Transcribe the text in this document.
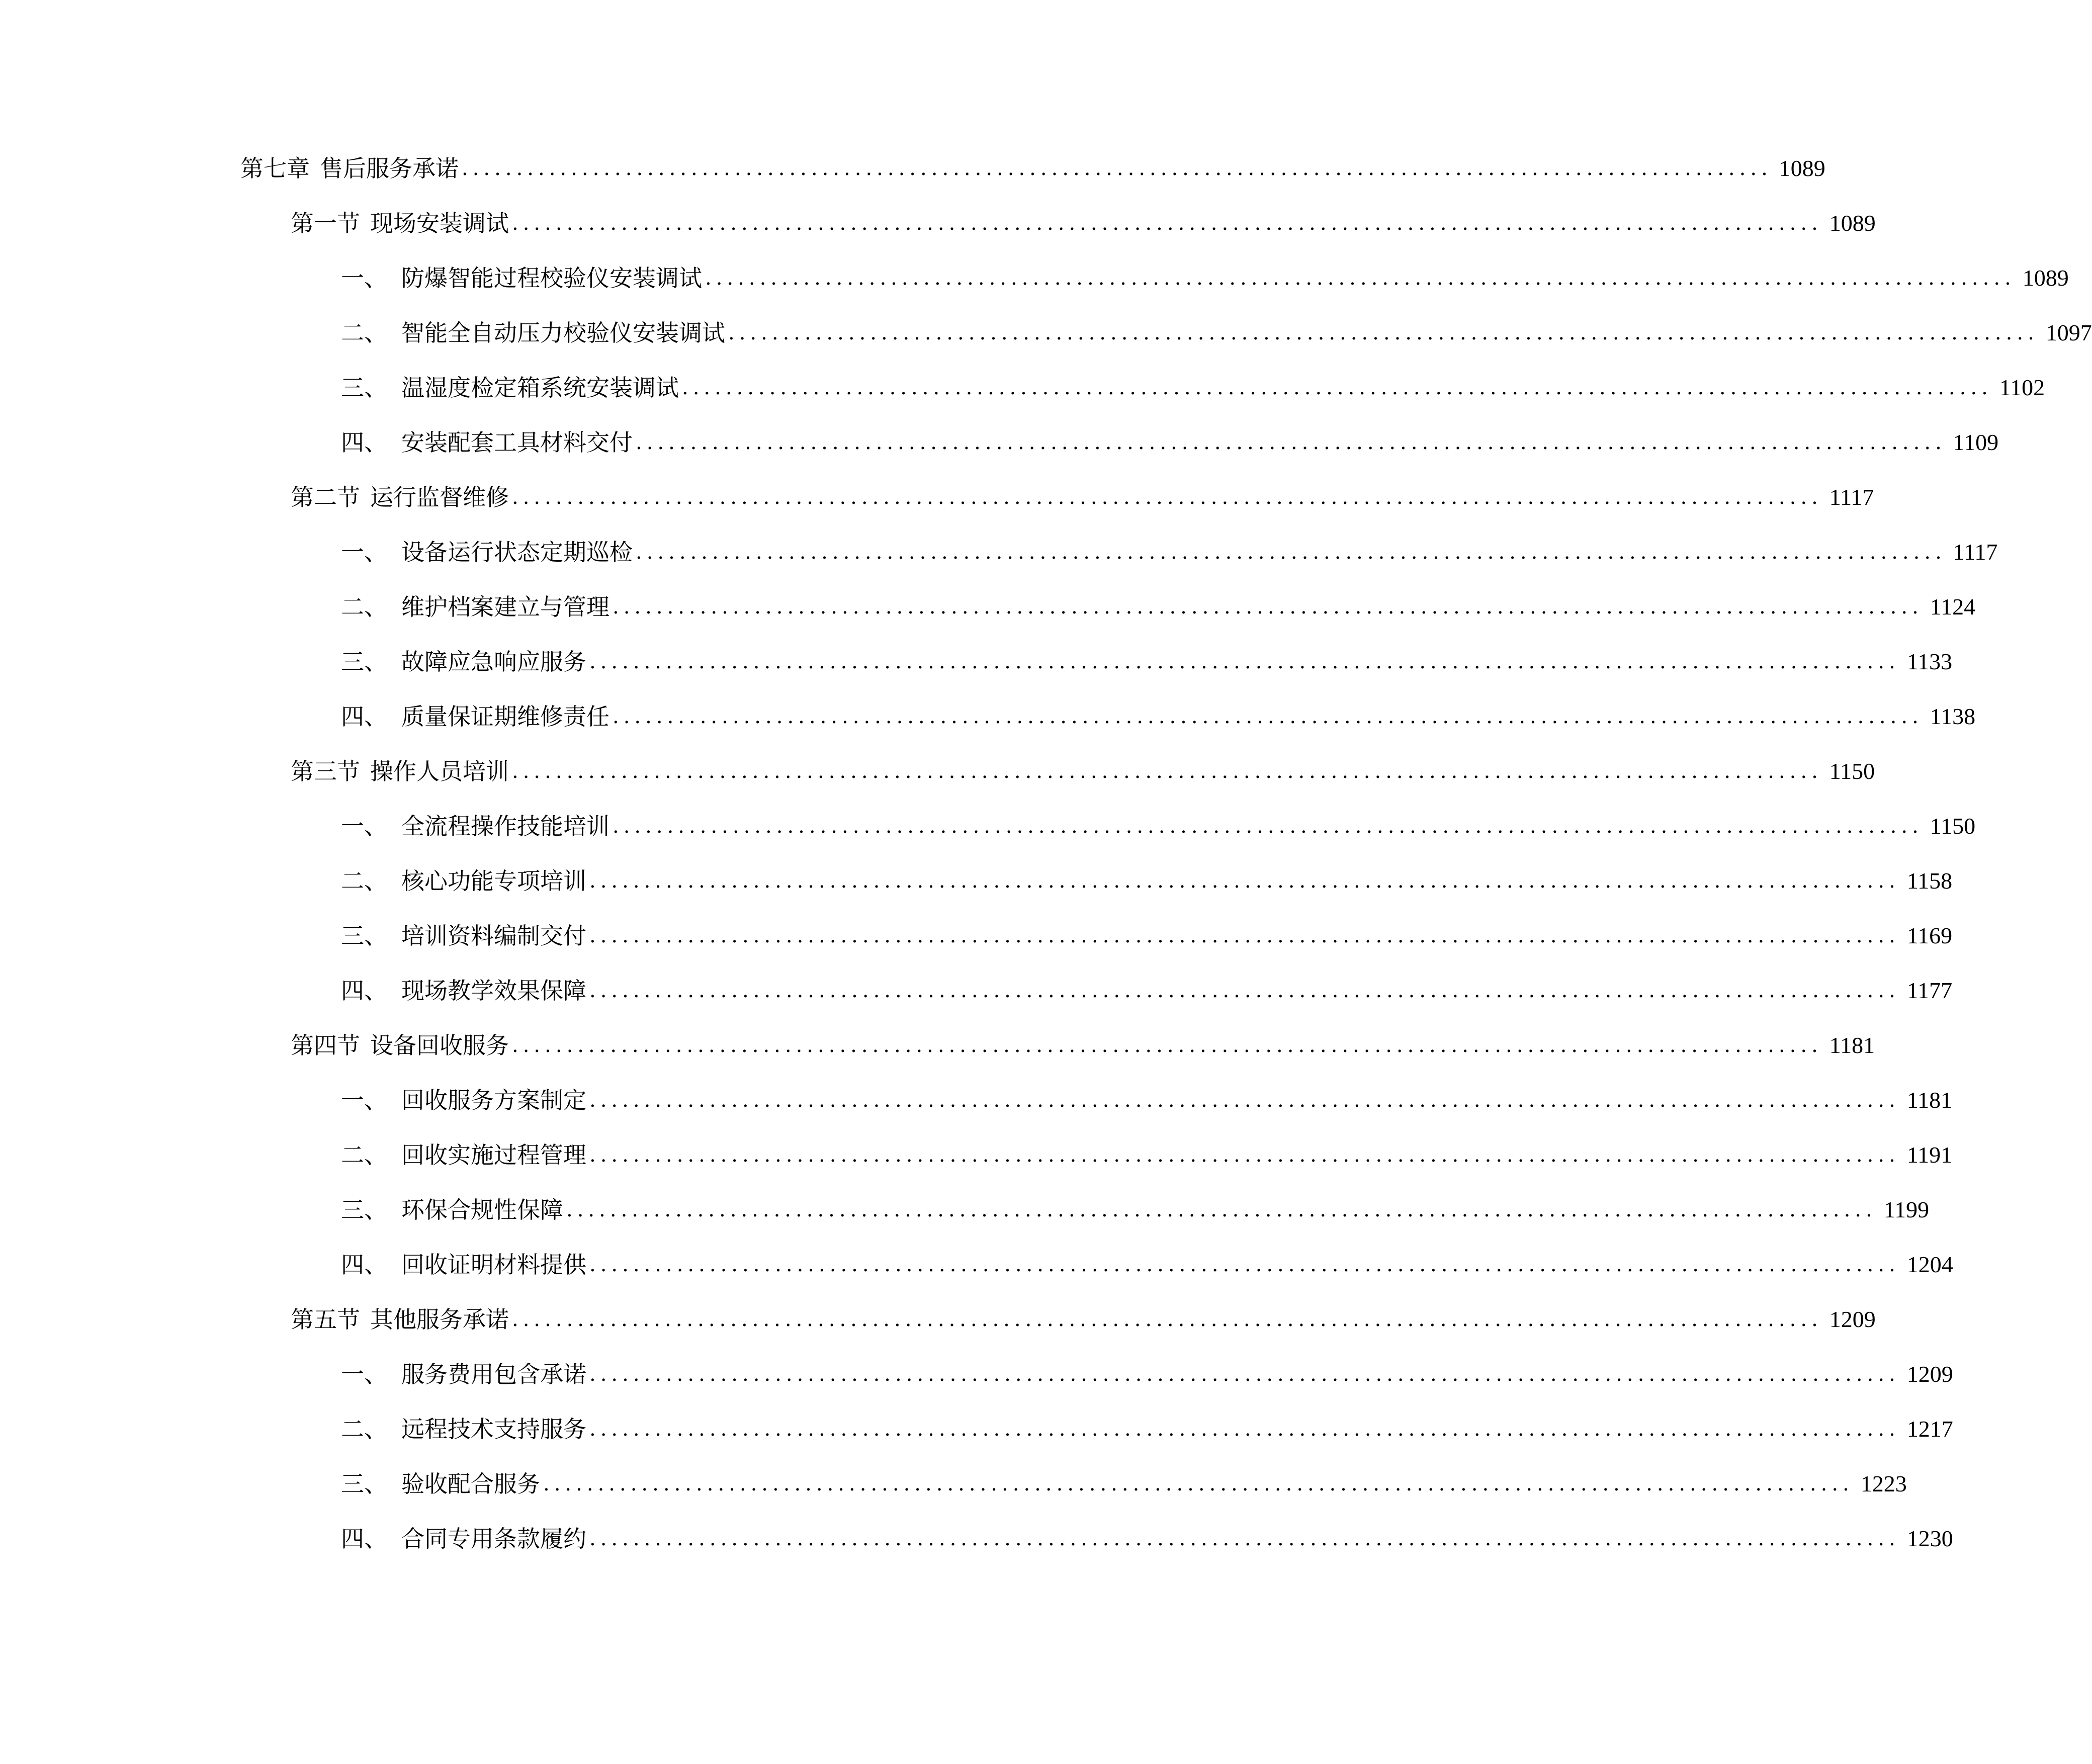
第七章 售后服务承诺 ........................................................................................................................ 1089
第一节 现场安装调试 ........................................................................................................................ 1089
一、 防爆智能过程校验仪安装调试 ........................................................................................................................ 1089
二、 智能全自动压力校验仪安装调试 ........................................................................................................................ 1097
三、 温湿度检定箱系统安装调试 ........................................................................................................................ 1102
四、 安装配套工具材料交付 ........................................................................................................................ 1109
第二节 运行监督维修 ........................................................................................................................ 1117
一、 设备运行状态定期巡检 ........................................................................................................................ 1117
二、 维护档案建立与管理 ........................................................................................................................ 1124
三、 故障应急响应服务 ........................................................................................................................ 1133
四、 质量保证期维修责任 ........................................................................................................................ 1138
第三节 操作人员培训 ........................................................................................................................ 1150
一、 全流程操作技能培训 ........................................................................................................................ 1150
二、 核心功能专项培训 ........................................................................................................................ 1158
三、 培训资料编制交付 ........................................................................................................................ 1169
四、 现场教学效果保障 ........................................................................................................................ 1177
第四节 设备回收服务 ........................................................................................................................ 1181
一、 回收服务方案制定 ........................................................................................................................ 1181
二、 回收实施过程管理 ........................................................................................................................ 1191
三、 环保合规性保障 ........................................................................................................................ 1199
四、 回收证明材料提供 ........................................................................................................................ 1204
第五节 其他服务承诺 ........................................................................................................................ 1209
一、 服务费用包含承诺 ........................................................................................................................ 1209
二、 远程技术支持服务 ........................................................................................................................ 1217
三、 验收配合服务 ........................................................................................................................ 1223
四、 合同专用条款履约 ........................................................................................................................ 1230
